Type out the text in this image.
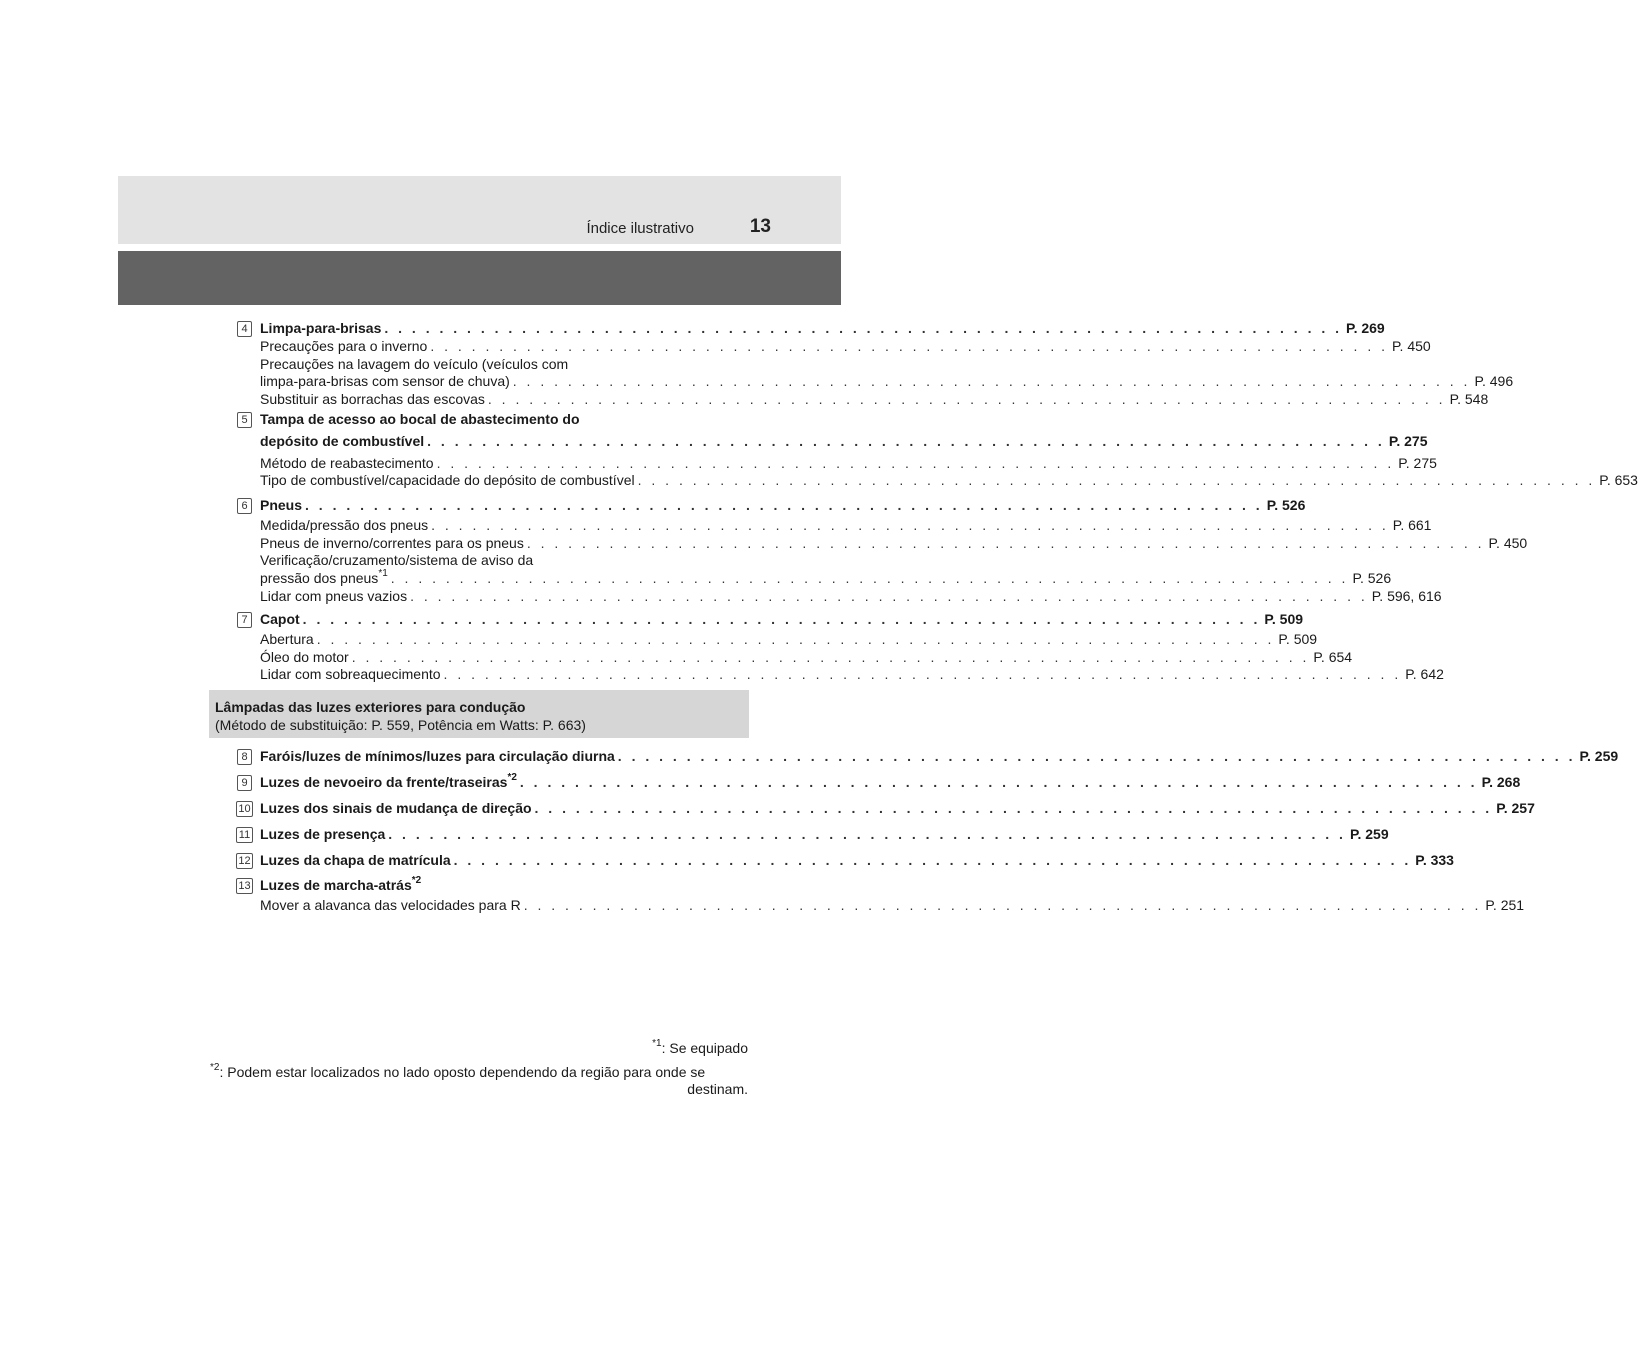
Índice ilustrativo	13
4 Limpa-para-brisas . . . . . . . . . . . . . . . . . . . . . . . . . . . . . . . . . . . . . . . . . . . . . . . . . . . . . . . . . . . . . . . . . . . . . . P. 269
Precauções para o inverno . . . . . . . . . . . . . . . . . . . . . . . . . . . . . . . . . . . . . . . . . . . . . . . . . . . . . . . . . . . . . . . . . . . . . . P. 450
Precauções na lavagem do veículo (veículos com
limpa-para-brisas com sensor de chuva) . . . . . . . . . . . . . . . . . . . . . . . . . . . . . . . . . . . . . . . . . . . . . . . . . . . . . . . . . . . . . . . . . . . . . . P. 496
Substituir as borrachas das escovas . . . . . . . . . . . . . . . . . . . . . . . . . . . . . . . . . . . . . . . . . . . . . . . . . . . . . . . . . . . . . . . . . . . . . . P. 548
5 Tampa de acesso ao bocal de abastecimento do
depósito de combustível . . . . . . . . . . . . . . . . . . . . . . . . . . . . . . . . . . . . . . . . . . . . . . . . . . . . . . . . . . . . . . . . . . . . . . P. 275
Método de reabastecimento . . . . . . . . . . . . . . . . . . . . . . . . . . . . . . . . . . . . . . . . . . . . . . . . . . . . . . . . . . . . . . . . . . . . . . P. 275
Tipo de combustível/capacidade do depósito de combustível . . . . . . . . . . . . . . . . . . . . . . . . . . . . . . . . . . . . . . . . . . . . . . . . . . . . . . . . . . . . . . . . . . . . . . P. 653
6 Pneus . . . . . . . . . . . . . . . . . . . . . . . . . . . . . . . . . . . . . . . . . . . . . . . . . . . . . . . . . . . . . . . . . . . . . . P. 526
Medida/pressão dos pneus . . . . . . . . . . . . . . . . . . . . . . . . . . . . . . . . . . . . . . . . . . . . . . . . . . . . . . . . . . . . . . . . . . . . . . P. 661
Pneus de inverno/correntes para os pneus . . . . . . . . . . . . . . . . . . . . . . . . . . . . . . . . . . . . . . . . . . . . . . . . . . . . . . . . . . . . . . . . . . . . . . P. 450
Verificação/cruzamento/sistema de aviso da
pressão dos pneus$^{*1}$ . . . . . . . . . . . . . . . . . . . . . . . . . . . . . . . . . . . . . . . . . . . . . . . . . . . . . . . . . . . . . . . . . . . . . . P. 526
Lidar com pneus vazios . . . . . . . . . . . . . . . . . . . . . . . . . . . . . . . . . . . . . . . . . . . . . . . . . . . . . . . . . . . . . . . . . . . . . . P. 596, 616
7 Capot . . . . . . . . . . . . . . . . . . . . . . . . . . . . . . . . . . . . . . . . . . . . . . . . . . . . . . . . . . . . . . . . . . . . . . P. 509
Abertura . . . . . . . . . . . . . . . . . . . . . . . . . . . . . . . . . . . . . . . . . . . . . . . . . . . . . . . . . . . . . . . . . . . . . . P. 509
Óleo do motor . . . . . . . . . . . . . . . . . . . . . . . . . . . . . . . . . . . . . . . . . . . . . . . . . . . . . . . . . . . . . . . . . . . . . . P. 654
Lidar com sobreaquecimento . . . . . . . . . . . . . . . . . . . . . . . . . . . . . . . . . . . . . . . . . . . . . . . . . . . . . . . . . . . . . . . . . . . . . . P. 642
Lâmpadas das luzes exteriores para condução
(Método de substituição: P. 559, Potência em Watts: P. 663)
8 Faróis/luzes de mínimos/luzes para circulação diurna . . . . . . . . . . . . . . . . . . . . . . . . . . . . . . . . . . . . . . . . . . . . . . . . . . . . . . . . . . . . . . . . . . . . . . P. 259
9 Luzes de nevoeiro da frente/traseiras$^{*2}$ . . . . . . . . . . . . . . . . . . . . . . . . . . . . . . . . . . . . . . . . . . . . . . . . . . . . . . . . . . . . . . . . . . . . . . P. 268
10 Luzes dos sinais de mudança de direção . . . . . . . . . . . . . . . . . . . . . . . . . . . . . . . . . . . . . . . . . . . . . . . . . . . . . . . . . . . . . . . . . . . . . . P. 257
11 Luzes de presença . . . . . . . . . . . . . . . . . . . . . . . . . . . . . . . . . . . . . . . . . . . . . . . . . . . . . . . . . . . . . . . . . . . . . . P. 259
12 Luzes da chapa de matrícula . . . . . . . . . . . . . . . . . . . . . . . . . . . . . . . . . . . . . . . . . . . . . . . . . . . . . . . . . . . . . . . . . . . . . . P. 333
13 Luzes de marcha-atrás$^{*2}$
Mover a alavanca das velocidades para R . . . . . . . . . . . . . . . . . . . . . . . . . . . . . . . . . . . . . . . . . . . . . . . . . . . . . . . . . . . . . . . . . . . . . . P. 251
$^{*1}$: Se equipado
$^{*2}$: Podem estar localizados no lado oposto dependendo da região para onde se
destinam.
